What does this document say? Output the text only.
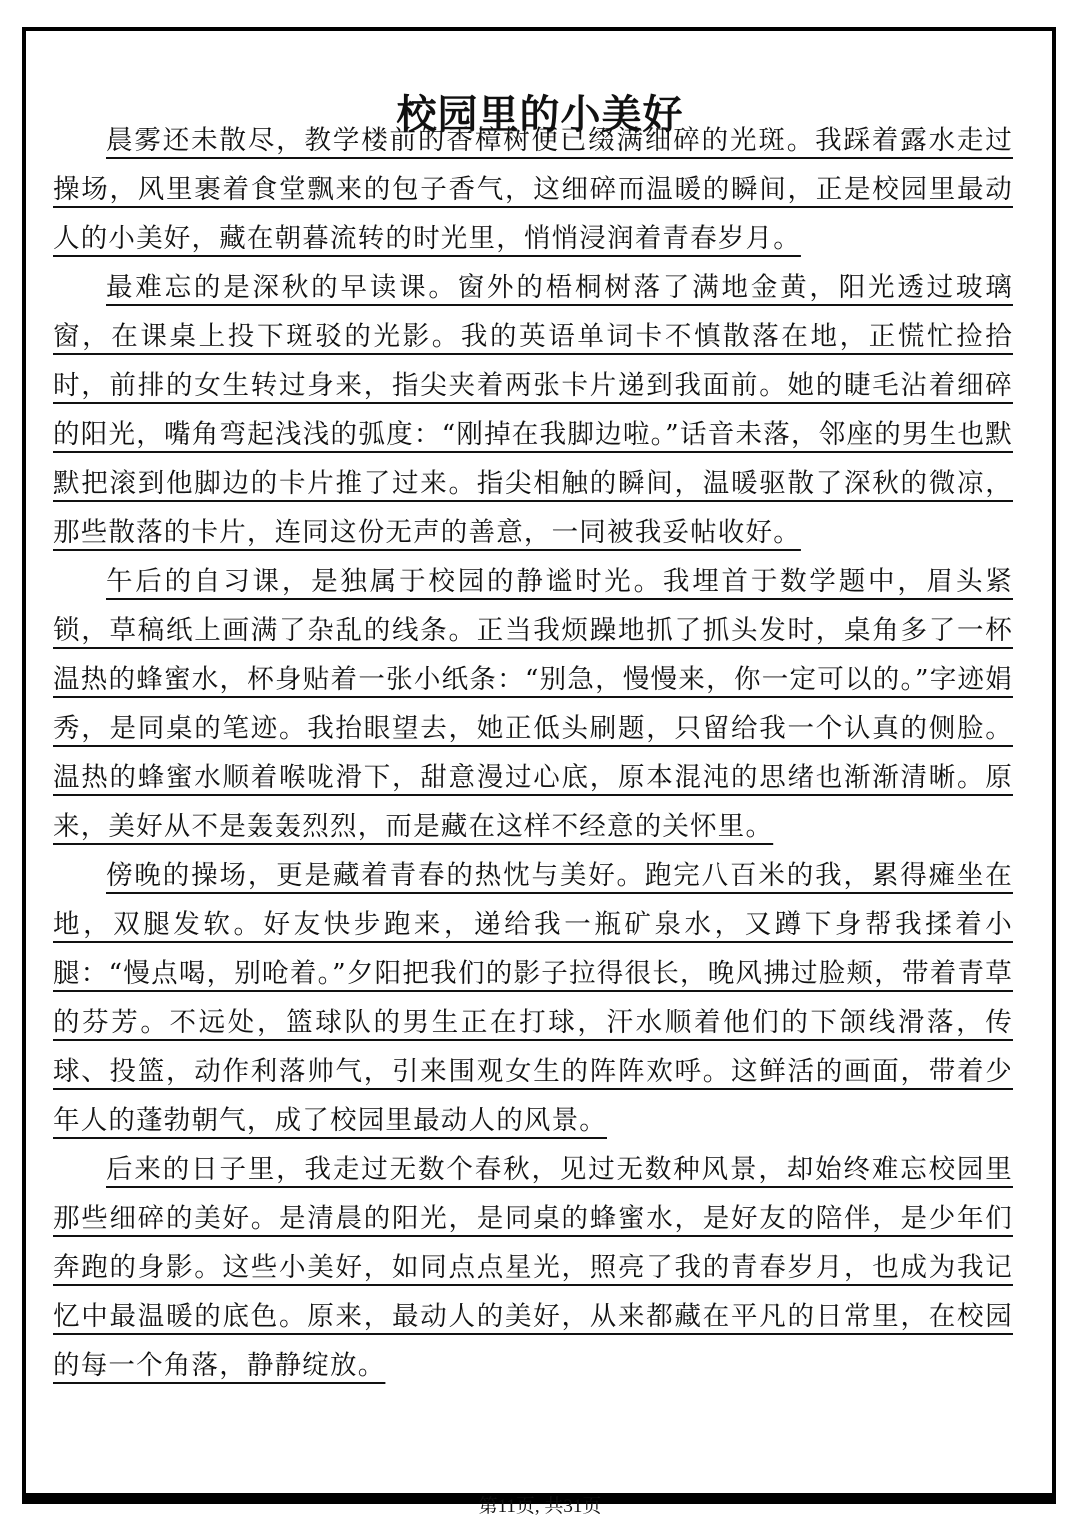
校园里的小美好

晨雾还未散尽，教学楼前的香樟树便已缀满细碎的光斑。我踩着露水走过操场，风里裹着食堂飘来的包子香气，这细碎而温暖的瞬间，正是校园里最动人的小美好，藏在朝暮流转的时光里，悄悄浸润着青春岁月。

最难忘的是深秋的早读课。窗外的梧桐树落了满地金黄，阳光透过玻璃窗，在课桌上投下斑驳的光影。我的英语单词卡不慎散落在地，正慌忙捡拾时，前排的女生转过身来，指尖夹着两张卡片递到我面前。她的睫毛沾着细碎的阳光，嘴角弯起浅浅的弧度：“刚掉在我脚边啦。”话音未落，邻座的男生也默默把滚到他脚边的卡片推了过来。指尖相触的瞬间，温暖驱散了深秋的微凉，那些散落的卡片，连同这份无声的善意，一同被我妥帖收好。

午后的自习课，是独属于校园的静谧时光。我埋首于数学题中，眉头紧锁，草稿纸上画满了杂乱的线条。正当我烦躁地抓了抓头发时，桌角多了一杯温热的蜂蜜水，杯身贴着一张小纸条：“别急，慢慢来，你一定可以的。”字迹娟秀，是同桌的笔迹。我抬眼望去，她正低头刷题，只留给我一个认真的侧脸。温热的蜂蜜水顺着喉咙滑下，甜意漫过心底，原本混沌的思绪也渐渐清晰。原来，美好从不是轰轰烈烈，而是藏在这样不经意的关怀里。

傍晚的操场，更是藏着青春的热忱与美好。跑完八百米的我，累得瘫坐在地，双腿发软。好友快步跑来，递给我一瓶矿泉水，又蹲下身帮我揉着小腿：“慢点喝，别呛着。”夕阳把我们的影子拉得很长，晚风拂过脸颊，带着青草的芬芳。不远处，篮球队的男生正在打球，汗水顺着他们的下颌线滑落，传球、投篮，动作利落帅气，引来围观女生的阵阵欢呼。这鲜活的画面，带着少年人的蓬勃朝气，成了校园里最动人的风景。

后来的日子里，我走过无数个春秋，见过无数种风景，却始终难忘校园里那些细碎的美好。是清晨的阳光，是同桌的蜂蜜水，是好友的陪伴，是少年们奔跑的身影。这些小美好，如同点点星光，照亮了我的青春岁月，也成为我记忆中最温暖的底色。原来，最动人的美好，从来都藏在平凡的日常里，在校园的每一个角落，静静绽放。

第11页, 共31页
